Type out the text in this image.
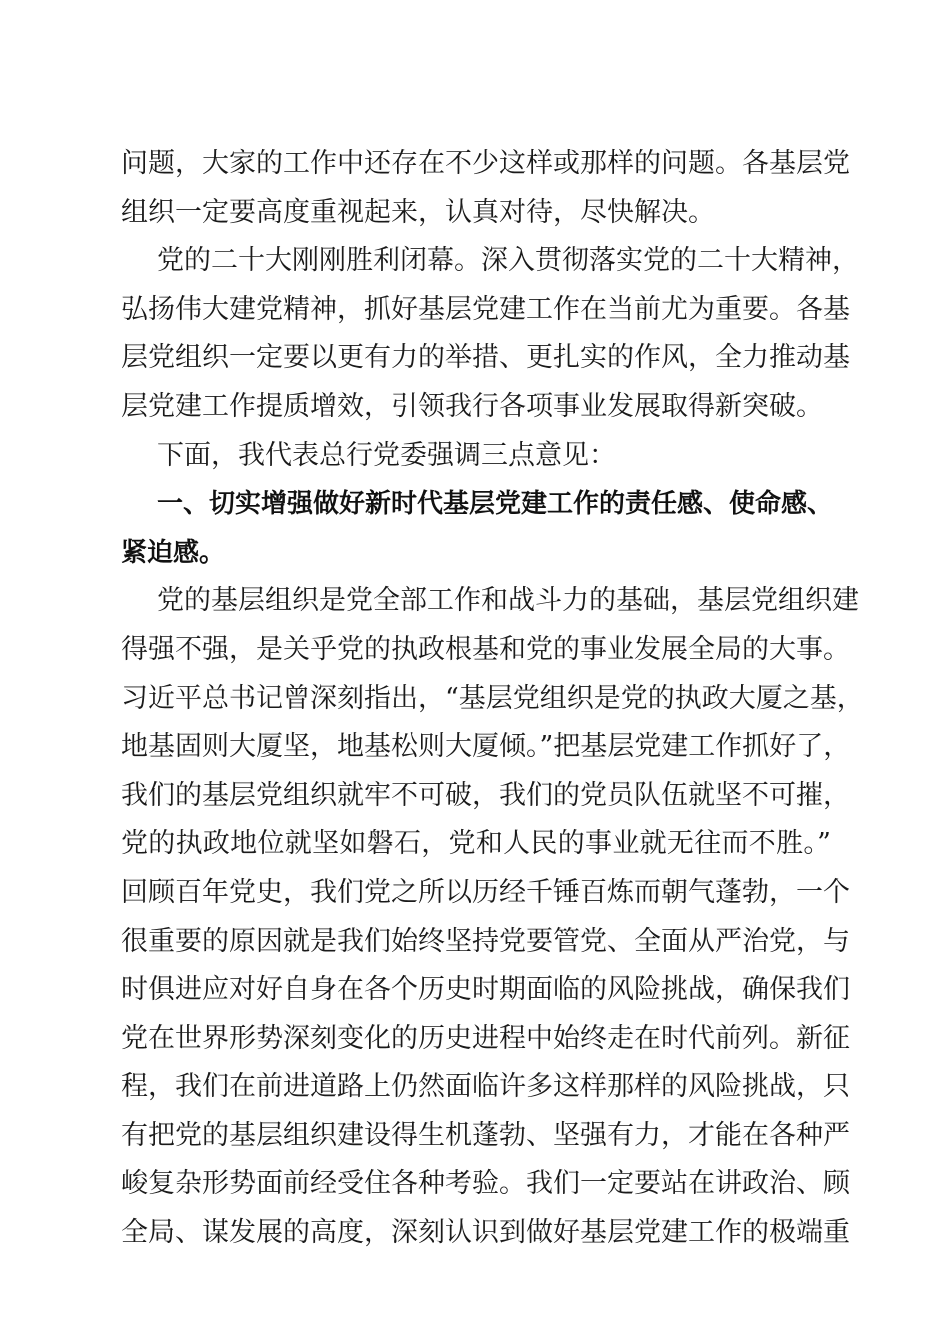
问题，大家的工作中还存在不少这样或那样的问题。各基层党
组织一定要高度重视起来，认真对待，尽快解决。
党的二十大刚刚胜利闭幕。深入贯彻落实党的二十大精神，
弘扬伟大建党精神，抓好基层党建工作在当前尤为重要。各基
层党组织一定要以更有力的举措、更扎实的作风，全力推动基
层党建工作提质增效，引领我行各项事业发展取得新突破。
下面，我代表总行党委强调三点意见：
一、切实增强做好新时代基层党建工作的责任感、使命感、
紧迫感。
党的基层组织是党全部工作和战斗力的基础，基层党组织建
得强不强，是关乎党的执政根基和党的事业发展全局的大事。
习近平总书记曾深刻指出，“基层党组织是党的执政大厦之基，
地基固则大厦坚，地基松则大厦倾。”把基层党建工作抓好了，
我们的基层党组织就牢不可破，我们的党员队伍就坚不可摧，
党的执政地位就坚如磐石，党和人民的事业就无往而不胜。”
回顾百年党史，我们党之所以历经千锤百炼而朝气蓬勃，一个
很重要的原因就是我们始终坚持党要管党、全面从严治党，与
时俱进应对好自身在各个历史时期面临的风险挑战，确保我们
党在世界形势深刻变化的历史进程中始终走在时代前列。新征
程，我们在前进道路上仍然面临许多这样那样的风险挑战，只
有把党的基层组织建设得生机蓬勃、坚强有力，才能在各种严
峻复杂形势面前经受住各种考验。我们一定要站在讲政治、顾
全局、谋发展的高度，深刻认识到做好基层党建工作的极端重
